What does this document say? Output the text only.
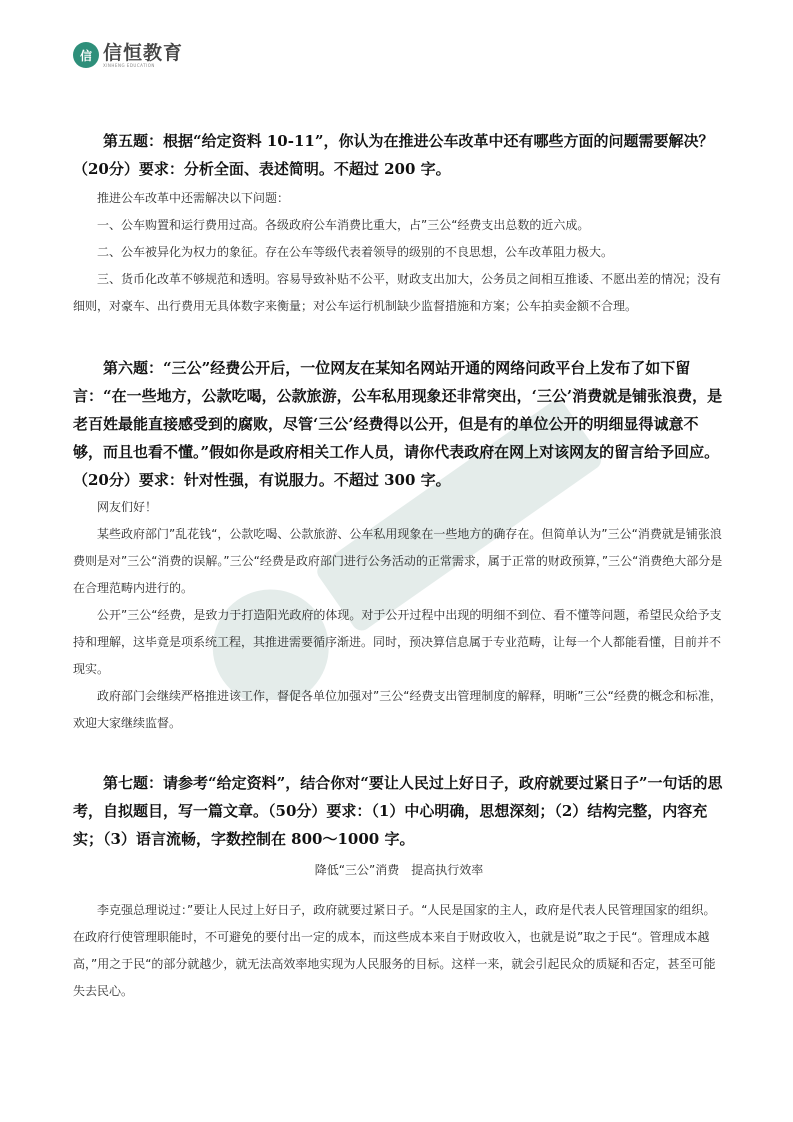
信 信恒教育
XINHENG EDUCATION

第五题：根据“给定资料 10-11”，你认为在推进公车改革中还有哪些方面的问题需要解决？（20分）要求：分析全面、表述简明。不超过 200 字。

推进公车改革中还需解决以下问题：

一、公车购置和运行费用过高。各级政府公车消费比重大，占”三公“经费支出总数的近六成。

二、公车被异化为权力的象征。存在公车等级代表着领导的级别的不良思想，公车改革阻力极大。

三、货币化改革不够规范和透明。容易导致补贴不公平，财政支出加大，公务员之间相互推诿、不愿出差的情况；没有细则，对豪车、出行费用无具体数字来衡量；对公车运行机制缺少监督措施和方案；公车拍卖金额不合理。

第六题：“三公”经费公开后，一位网友在某知名网站开通的网络问政平台上发布了如下留言：“在一些地方，公款吃喝，公款旅游，公车私用现象还非常突出，‘三公’消费就是铺张浪费，是老百姓最能直接感受到的腐败，尽管‘三公’经费得以公开，但是有的单位公开的明细显得诚意不够，而且也看不懂。”假如你是政府相关工作人员，请你代表政府在网上对该网友的留言给予回应。（20分）要求：针对性强，有说服力。不超过 300 字。

网友们好！

某些政府部门”乱花钱“，公款吃喝、公款旅游、公车私用现象在一些地方的确存在。但简单认为”三公“消费就是铺张浪费则是对”三公“消费的误解。”三公“经费是政府部门进行公务活动的正常需求，属于正常的财政预算，”三公“消费绝大部分是在合理范畴内进行的。

公开”三公“经费，是致力于打造阳光政府的体现。对于公开过程中出现的明细不到位、看不懂等问题，希望民众给予支持和理解，这毕竟是项系统工程，其推进需要循序渐进。同时，预决算信息属于专业范畴，让每一个人都能看懂，目前并不现实。

政府部门会继续严格推进该工作，督促各单位加强对”三公“经费支出管理制度的解释，明晰”三公“经费的概念和标准，欢迎大家继续监督。

第七题：请参考“给定资料”，结合你对“要让人民过上好日子，政府就要过紧日子”一句话的思考，自拟题目，写一篇文章。（50分）要求：（1）中心明确，思想深刻；（2）结构完整，内容充实；（3）语言流畅，字数控制在 800～1000 字。

降低“三公”消费　提高执行效率

李克强总理说过：”要让人民过上好日子，政府就要过紧日子。“人民是国家的主人，政府是代表人民管理国家的组织。在政府行使管理职能时，不可避免的要付出一定的成本，而这些成本来自于财政收入，也就是说”取之于民“。管理成本越高，”用之于民“的部分就越少，就无法高效率地实现为人民服务的目标。这样一来，就会引起民众的质疑和否定，甚至可能失去民心。
